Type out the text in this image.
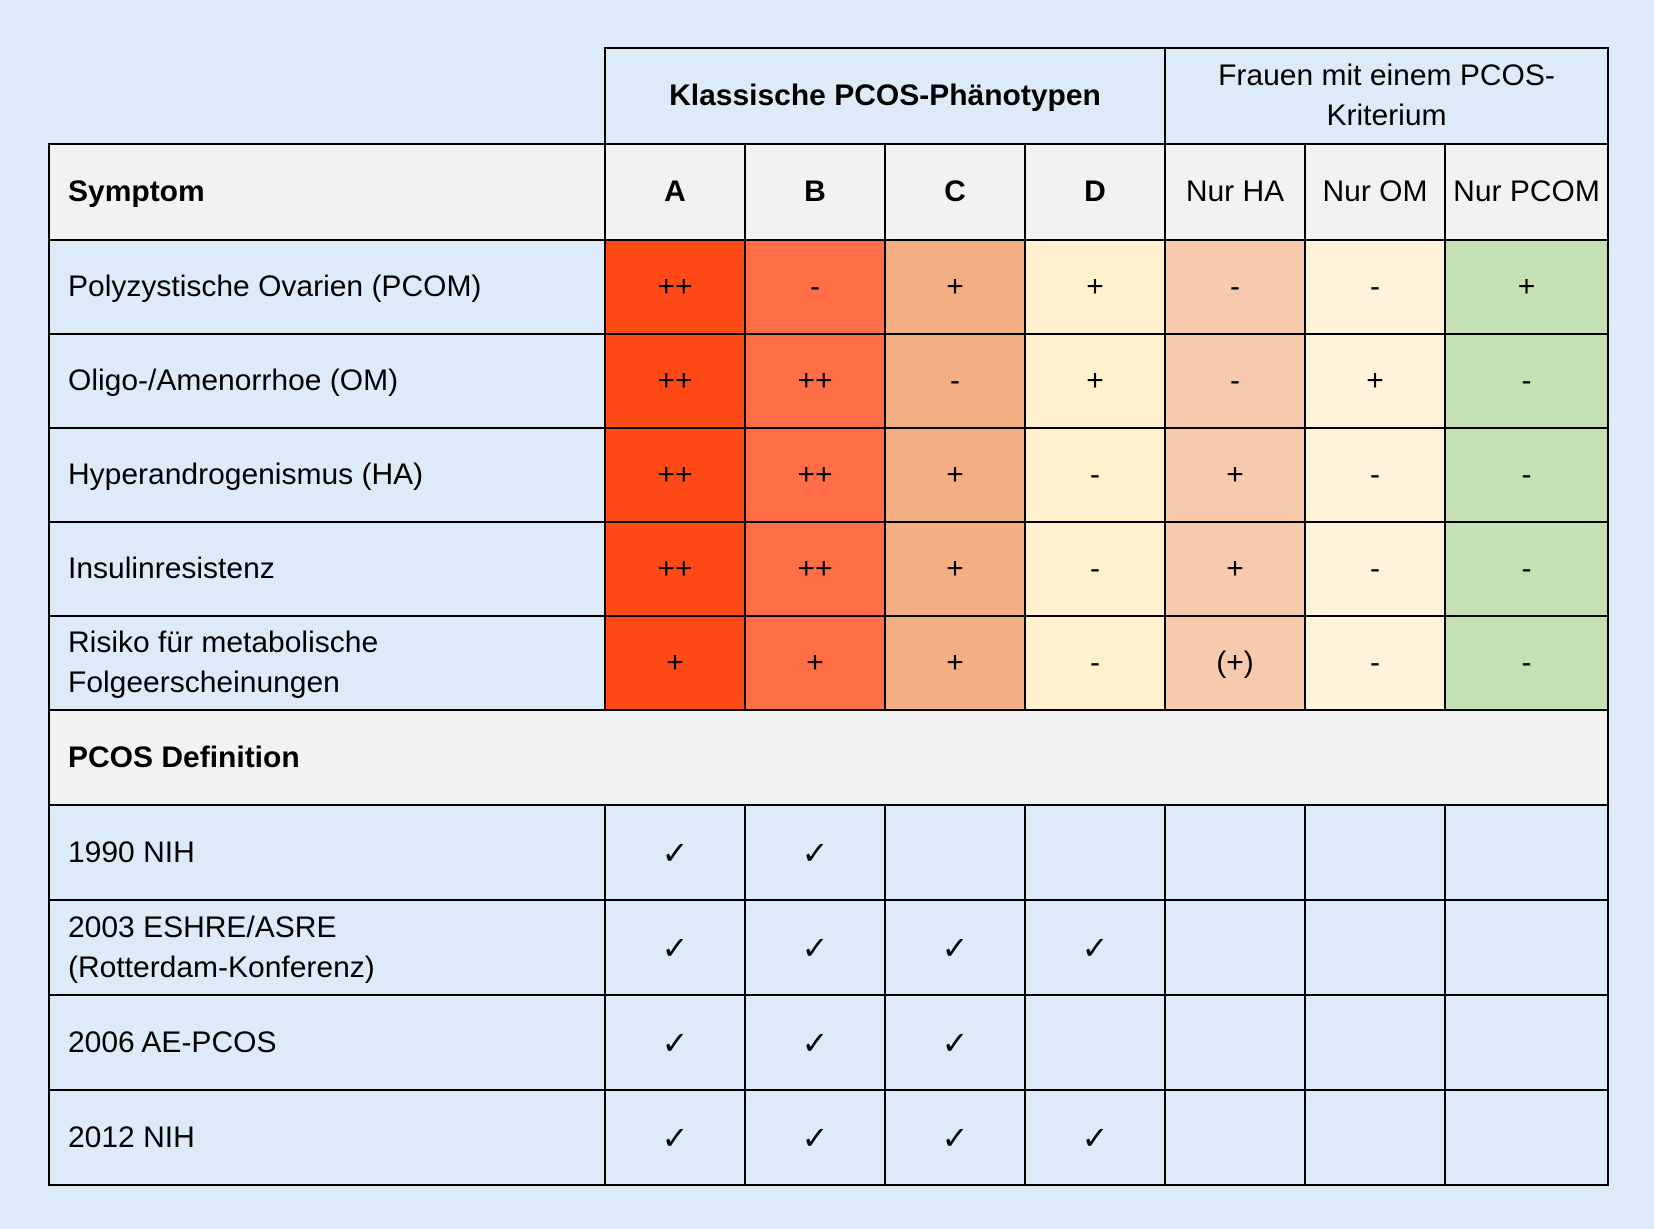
	Klassische PCOS-Phänotypen				Frauen mit einem PCOS-Kriterium		
Symptom	A	B	C	D	Nur HA	Nur OM	Nur PCOM
Polyzystische Ovarien (PCOM)	++	-	+	+	-	-	+
Oligo-/Amenorrhoe (OM)	++	++	-	+	-	+	-
Hyperandrogenismus (HA)	++	++	+	-	+	-	-
Insulinresistenz	++	++	+	-	+	-	-
Risiko für metabolische Folgeerscheinungen	+	+	+	-	(+)	-	-
PCOS Definition							
1990 NIH	✓	✓					
2003 ESHRE/ASRE (Rotterdam-Konferenz)	✓	✓	✓	✓			
2006 AE-PCOS	✓	✓	✓				
2012 NIH	✓	✓	✓	✓			
